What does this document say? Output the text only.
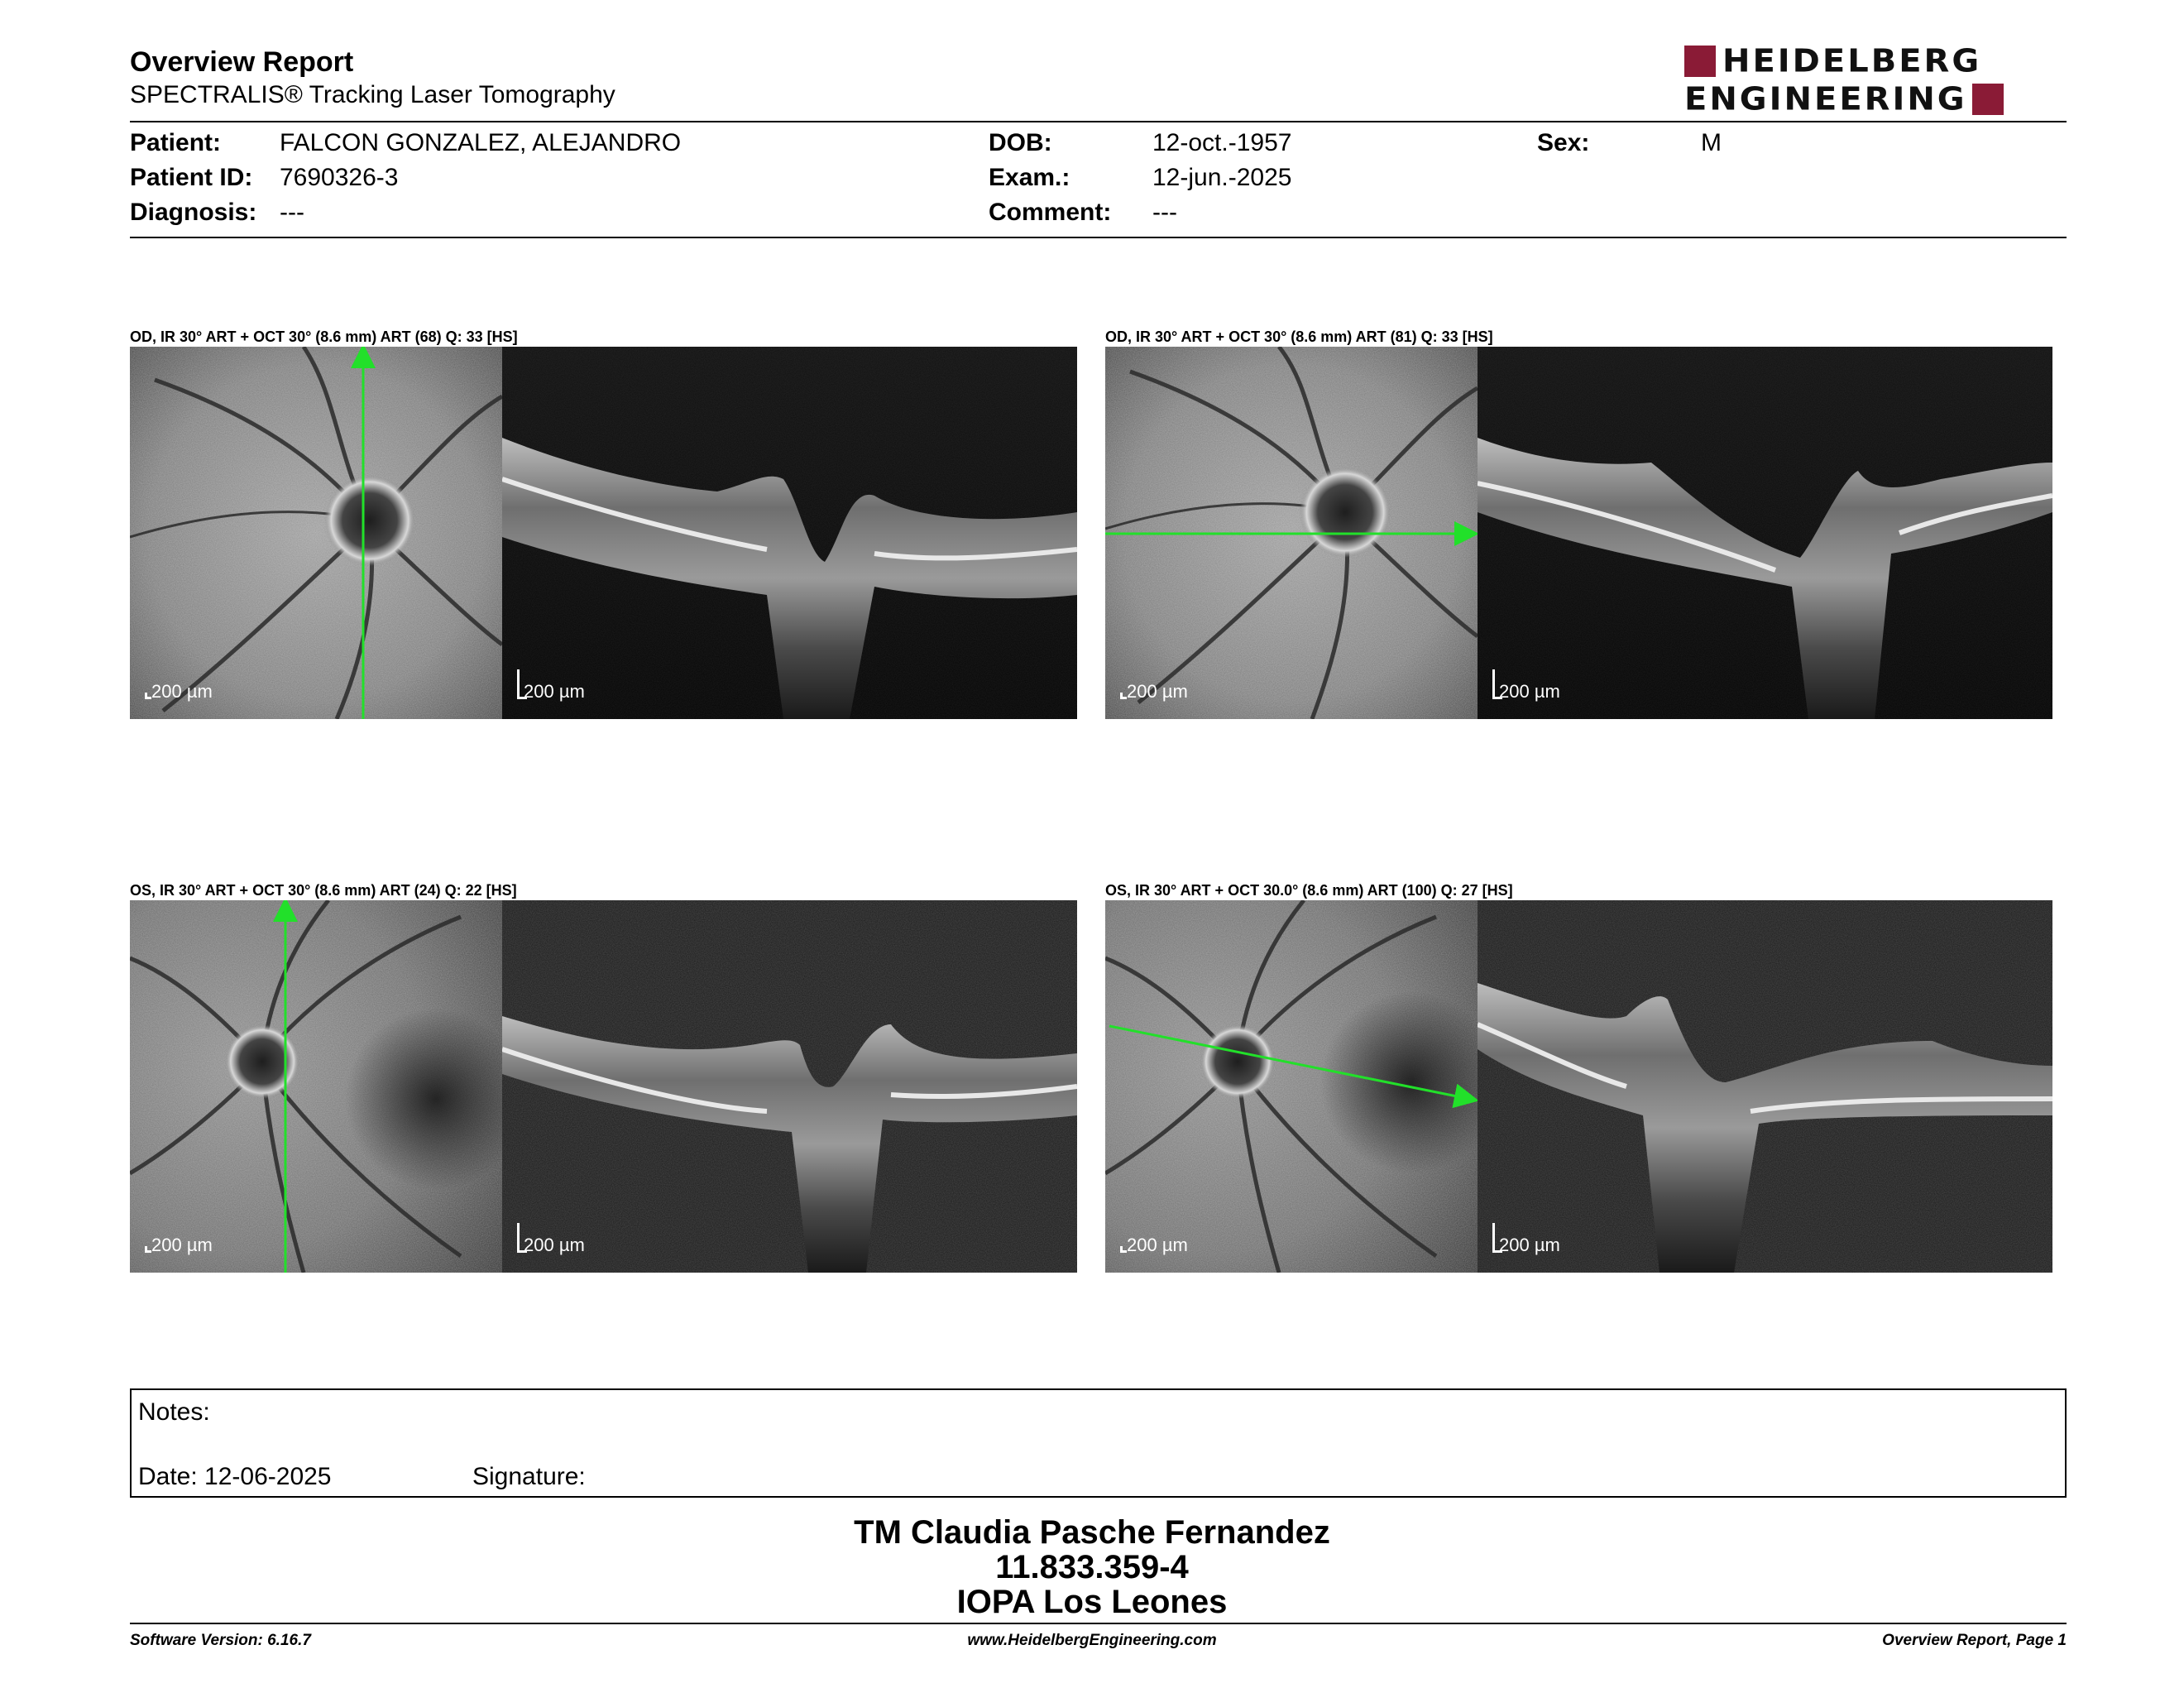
Overview Report
SPECTRALIS® Tracking Laser Tomography
HEIDELBERG
ENGINEERING
Patient: FALCON GONZALEZ, ALEJANDRO
Patient ID: 7690326-3
Diagnosis: ---
DOB:	12-oct.-1957
Exam.:	12-jun.-2025
Comment: ---
Sex:	M
OD, IR 30° ART + OCT 30° (8.6 mm) ART (68) Q: 33 [HS]
200 µm	200 µm
OD, IR 30° ART + OCT 30° (8.6 mm) ART (81) Q: 33 [HS]
200 µm	200 µm
OS, IR 30° ART + OCT 30° (8.6 mm) ART (24) Q: 22 [HS]
200 µm	200 µm
OS, IR 30° ART + OCT 30.0° (8.6 mm) ART (100) Q: 27 [HS]
200 µm	200 µm
Notes:
Date: 12-06-2025	Signature:
TM Claudia Pasche Fernandez
11.833.359-4
IOPA Los Leones
Software Version: 6.16.7	www.HeidelbergEngineering.com	Overview Report, Page 1
